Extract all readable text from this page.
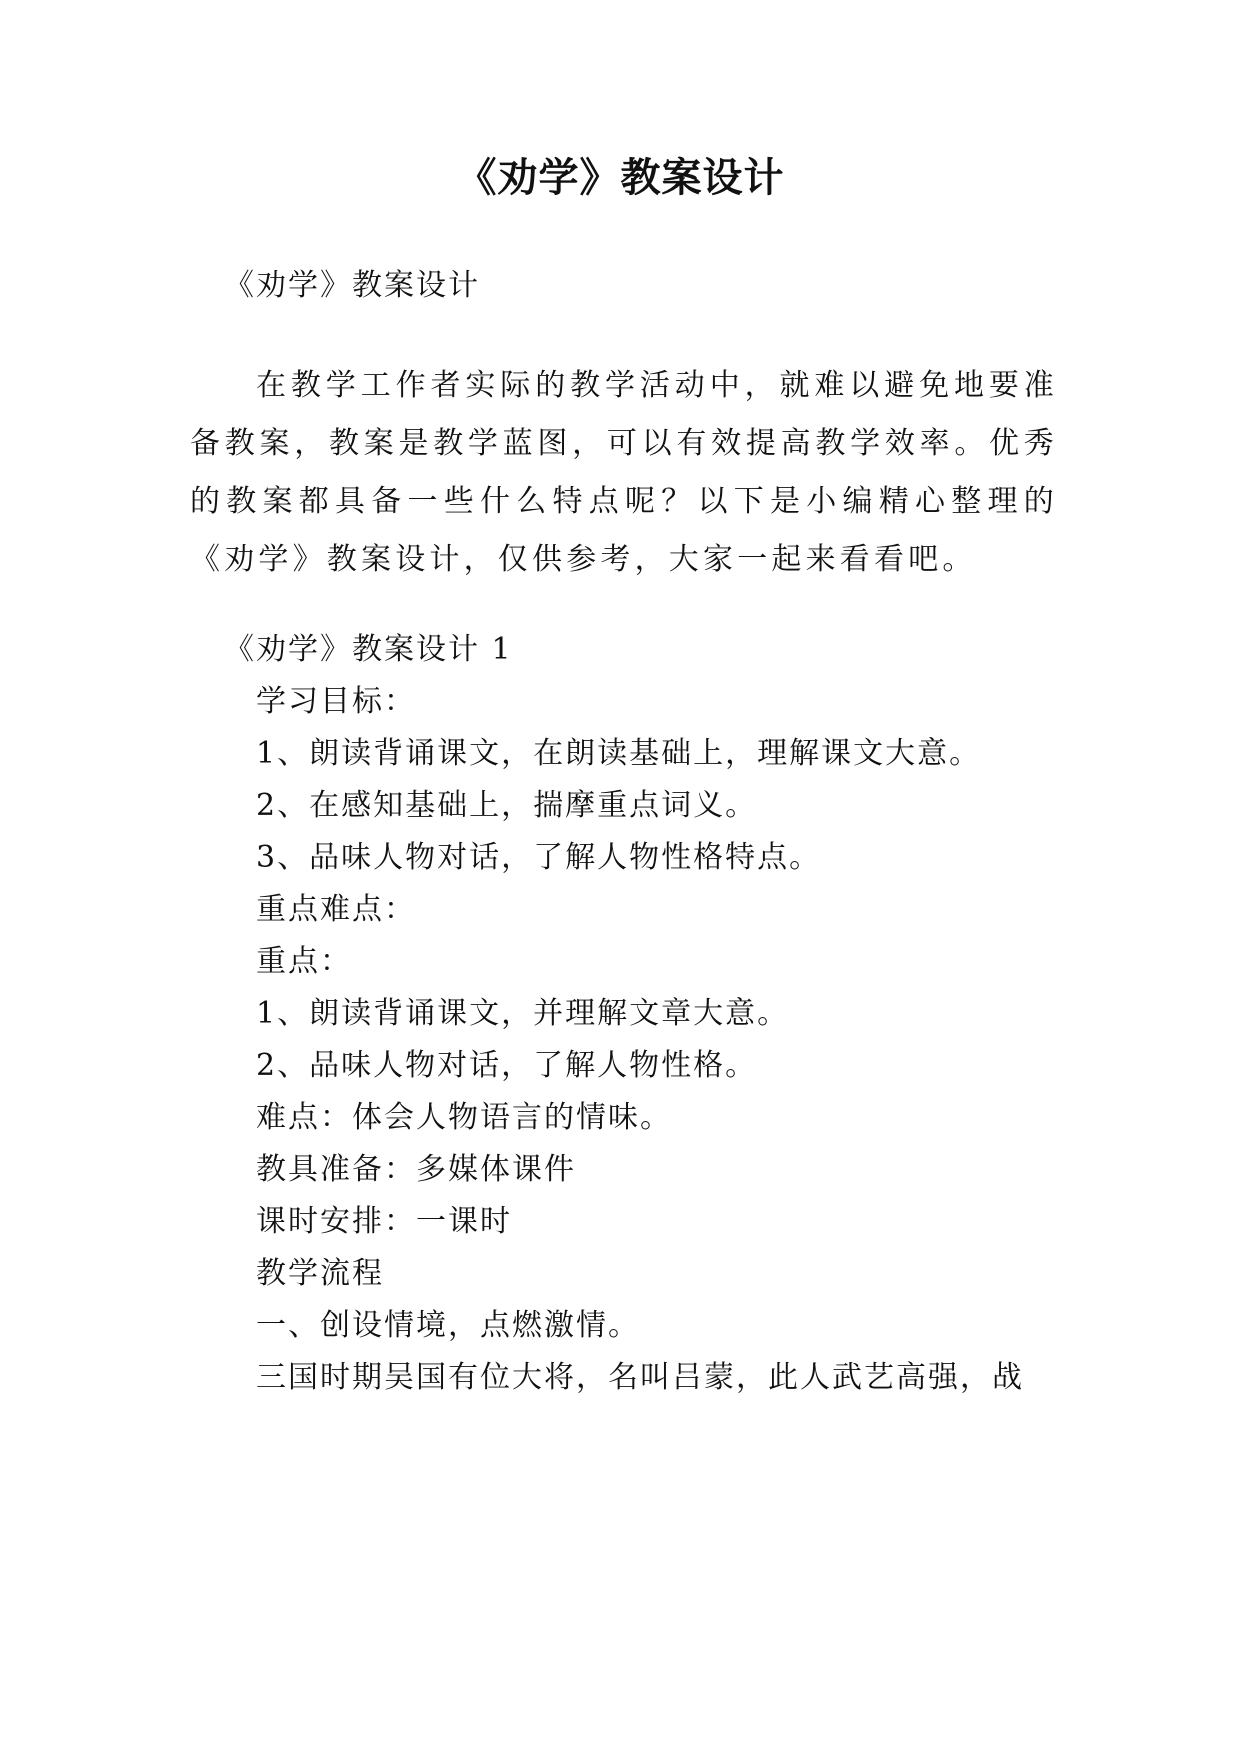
《劝学》教案设计
《劝学》教案设计
在教学工作者实际的教学活动中，就难以避免地要准备教案，教案是教学蓝图，可以有效提高教学效率。优秀的教案都具备一些什么特点呢？以下是小编精心整理的 《劝学》教案设计，仅供参考，大家一起来看看吧。
《劝学》教案设计 1
学习目标：
1、朗读背诵课文，在朗读基础上，理解课文大意。
2、在感知基础上，揣摩重点词义。
3、品味人物对话，了解人物性格特点。
重点难点：
重点：
1、朗读背诵课文，并理解文章大意。
2、品味人物对话，了解人物性格。
难点：体会人物语言的情味。
教具准备：多媒体课件
课时安排：一课时
教学流程
一、创设情境，点燃激情。
三国时期吴国有位大将，名叫吕蒙，此人武艺高强，战
